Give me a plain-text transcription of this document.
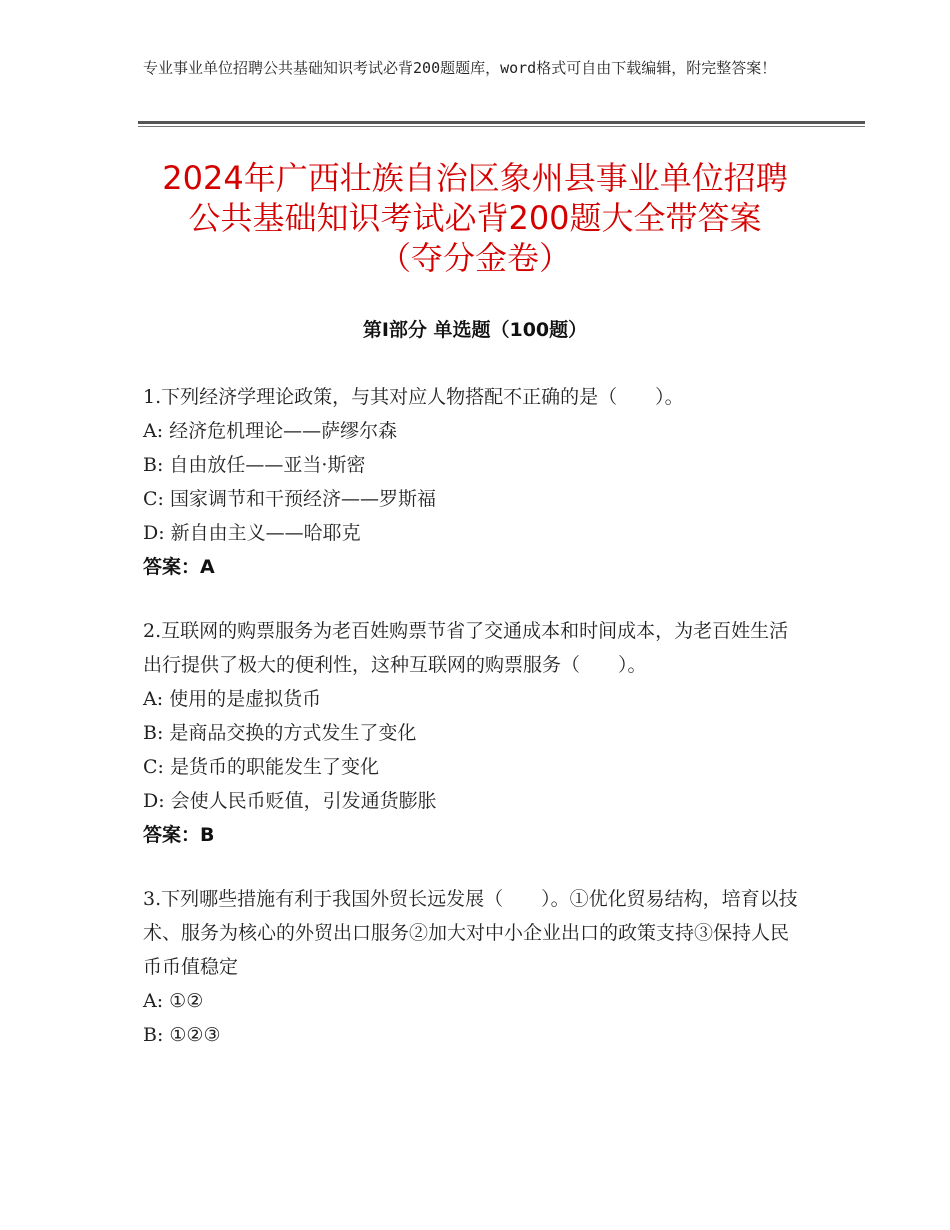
专业事业单位招聘公共基础知识考试必背200题题库，word格式可自由下载编辑，附完整答案！
2024年广西壮族自治区象州县事业单位招聘
公共基础知识考试必背200题大全带答案
（夺分金卷）
第Ⅰ部分 单选题（100题）

1.下列经济学理论政策，与其对应人物搭配不正确的是（　　）。

A: 经济危机理论——萨缪尔森

B: 自由放任——亚当·斯密

C: 国家调节和干预经济——罗斯福

D: 新自由主义——哈耶克

答案：A

2.互联网的购票服务为老百姓购票节省了交通成本和时间成本，为老百姓生活出行提供了极大的便利性，这种互联网的购票服务（　　）。

A: 使用的是虚拟货币

B: 是商品交换的方式发生了变化

C: 是货币的职能发生了变化

D: 会使人民币贬值，引发通货膨胀

答案：B

3.下列哪些措施有利于我国外贸长远发展（　　）。①优化贸易结构，培育以技术、服务为核心的外贸出口服务②加大对中小企业出口的政策支持③保持人民币币值稳定

A: ①②

B: ①②③
